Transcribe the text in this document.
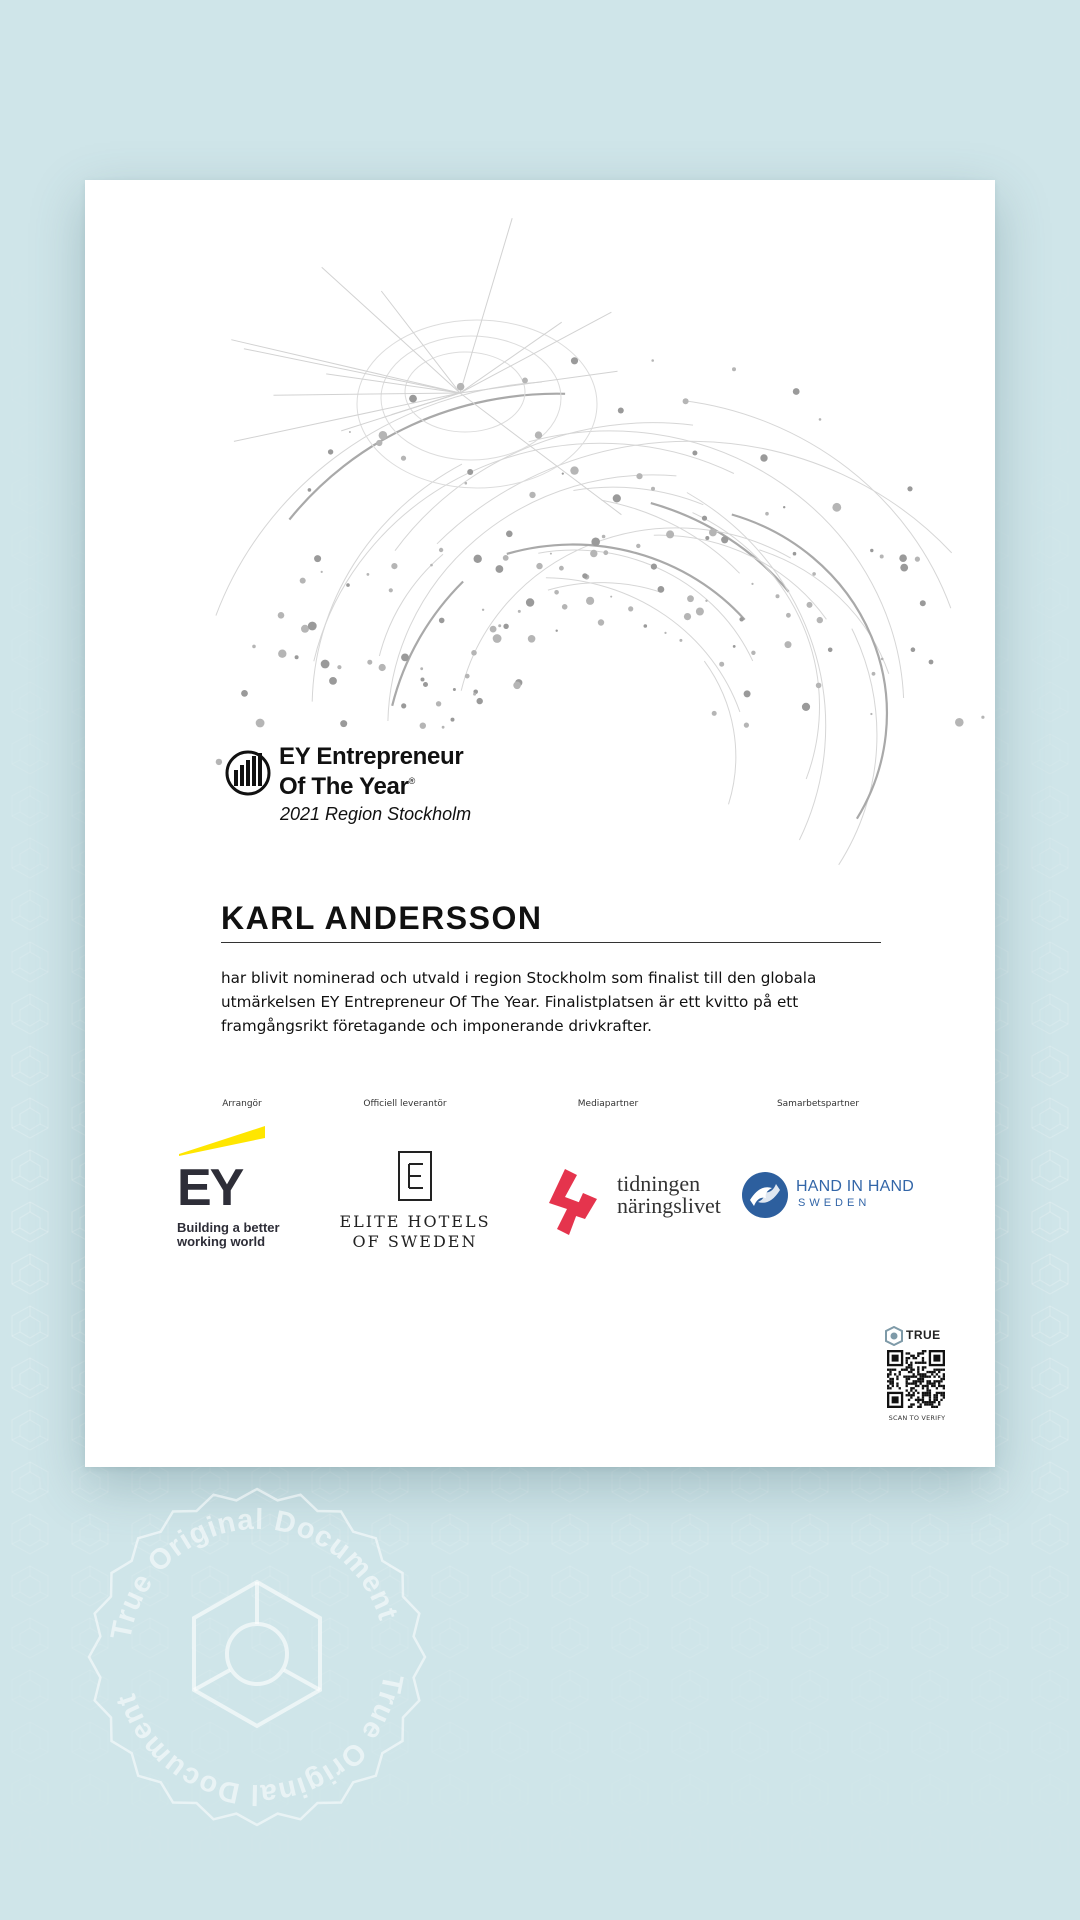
EY Entrepreneur
Of The Year®
2021 Region Stockholm
KARL ANDERSSON
har blivit nominerad och utvald i region Stockholm som finalist till den globala utmärkelsen EY Entrepreneur Of The Year. Finalistplatsen är ett kvitto på ett framgångsrikt företagande och imponerande drivkrafter.
Arrangör	Officiell leverantör	Mediapartner	Samarbetspartner
EY
Building a better working world
ELITE HOTELS OF SWEDEN
tidningen näringslivet
HAND IN HAND
SWEDEN
TRUE
SCAN TO VERIFY
True Original Document
True Original Document
